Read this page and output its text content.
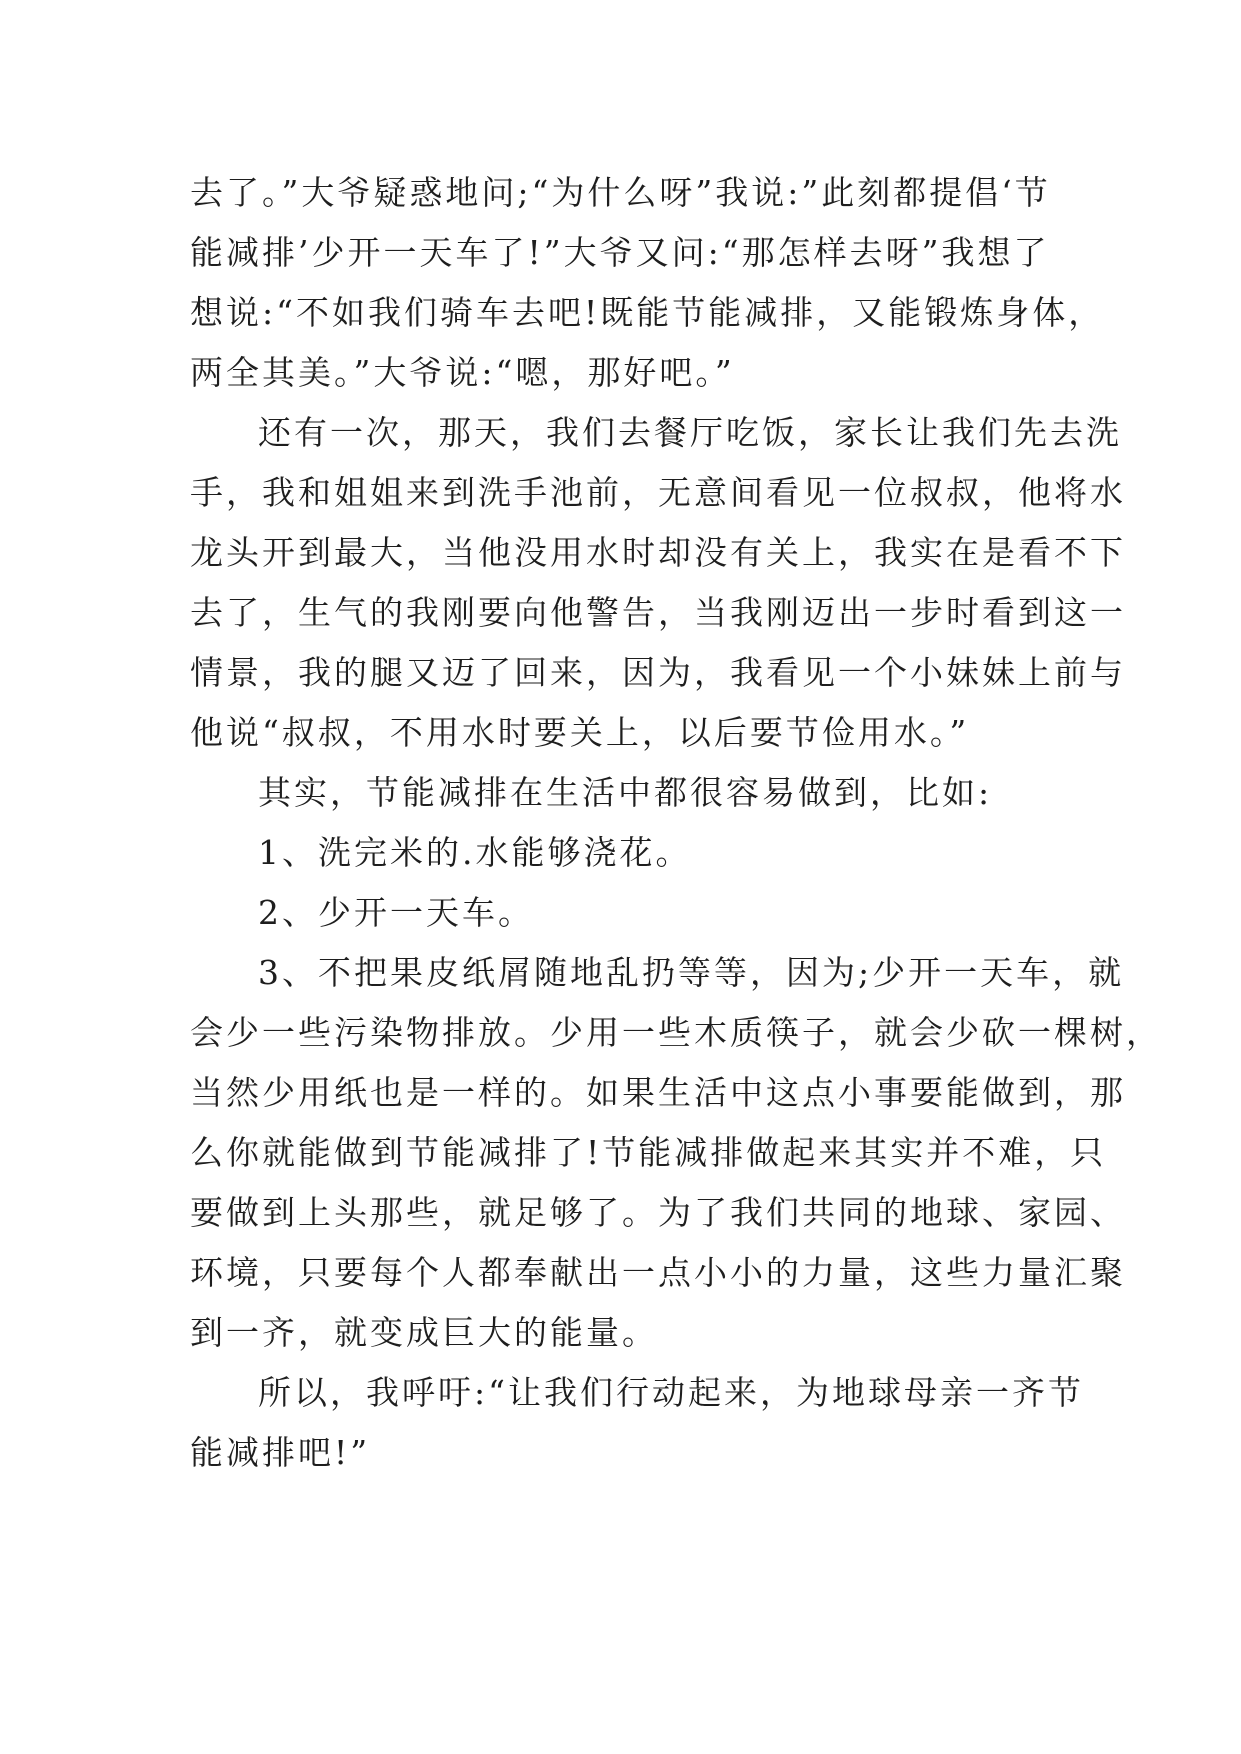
去了。”大爷疑惑地问;“为什么呀”我说:”此刻都提倡‘节
能减排’少开一天车了!”大爷又问:“那怎样去呀”我想了
想说:“不如我们骑车去吧!既能节能减排，又能锻炼身体，
两全其美。”大爷说:“嗯，那好吧。”
还有一次，那天，我们去餐厅吃饭，家长让我们先去洗
手，我和姐姐来到洗手池前，无意间看见一位叔叔，他将水
龙头开到最大，当他没用水时却没有关上，我实在是看不下
去了，生气的我刚要向他警告，当我刚迈出一步时看到这一
情景，我的腿又迈了回来，因为，我看见一个小妹妹上前与
他说“叔叔，不用水时要关上，以后要节俭用水。”
其实，节能减排在生活中都很容易做到，比如:
1、洗完米的.水能够浇花。
2、少开一天车。
3、不把果皮纸屑随地乱扔等等，因为;少开一天车，就
会少一些污染物排放。少用一些木质筷子，就会少砍一棵树，
当然少用纸也是一样的。如果生活中这点小事要能做到，那
么你就能做到节能减排了!节能减排做起来其实并不难，只
要做到上头那些，就足够了。为了我们共同的地球、家园、
环境，只要每个人都奉献出一点小小的力量，这些力量汇聚
到一齐，就变成巨大的能量。
所以，我呼吁:“让我们行动起来，为地球母亲一齐节
能减排吧!”
